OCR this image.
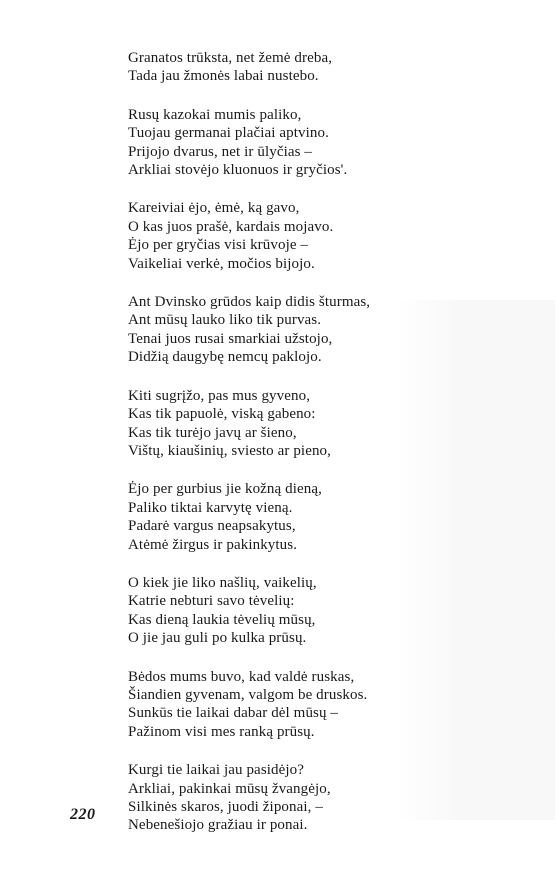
Granatos trūksta, net žemė dreba,
Tada jau žmonės labai nustebo.
Rusų kazokai mumis paliko,
Tuojau germanai plačiai aptvino.
Prijojo dvarus, net ir ūlyčias –
Arkliai stovėjo kluonuos ir gryčios'.
Kareiviai ėjo, ėmė, ką gavo,
O kas juos prašė, kardais mojavo.
Ėjo per gryčias visi krūvoje –
Vaikeliai verkė, močios bijojo.
Ant Dvinsko grūdos kaip didis šturmas,
Ant mūsų lauko liko tik purvas.
Tenai juos rusai smarkiai užstojo,
Didžią daugybę nemcų paklojo.
Kiti sugrįžo, pas mus gyveno,
Kas tik papuolė, viską gabeno:
Kas tik turėjo javų ar šieno,
Vištų, kiaušinių, sviesto ar pieno,
Ėjo per gurbius jie kožną dieną,
Paliko tiktai karvytę vieną.
Padarė vargus neapsakytus,
Atėmė žirgus ir pakinkytus.
O kiek jie liko našlių, vaikelių,
Katrie nebturi savo tėvelių:
Kas dieną laukia tėvelių mūsų,
O jie jau guli po kulka prūsų.
Bėdos mums buvo, kad valdė ruskas,
Šiandien gyvenam, valgom be druskos.
Sunkūs tie laikai dabar dėl mūsų –
Pažinom visi mes ranką prūsų.
Kurgi tie laikai jau pasidėjo?
Arkliai, pakinkai mūsų žvangėjo,
Silkinės skaros, juodi žiponai, –
Nebenešiojo gražiau ir ponai.
220
